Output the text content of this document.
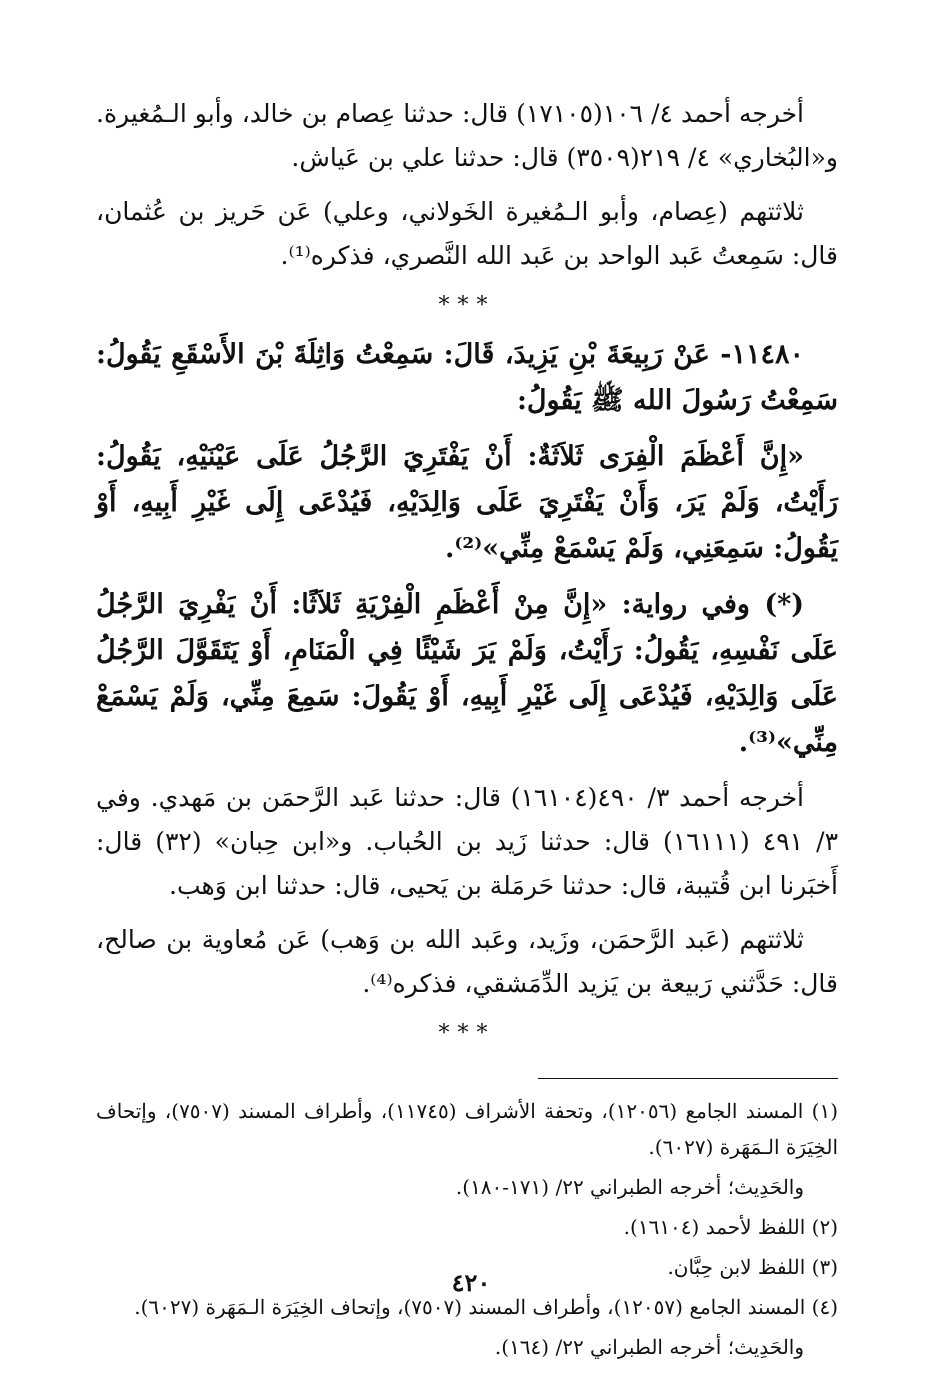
أخرجه أحمد ٤/ ١٠٦(١٧١٠٥) قال: حدثنا عِصام بن خالد، وأبو الـمُغيرة. و«البُخاري» ٤/ ٢١٩(٣٥٠٩) قال: حدثنا علي بن عَياش.

ثلاثتهم (عِصام، وأبو الـمُغيرة الخَولاني، وعلي) عَن حَريز بن عُثمان، قال: سَمِعتُ عَبد الواحد بن عَبد الله النَّصري، فذكره⁽¹⁾.

***

١١٤٨٠- عَنْ رَبِيعَةَ بْنِ يَزِيدَ، قَالَ: سَمِعْتُ وَاثِلَةَ بْنَ الأَسْقَعِ يَقُولُ: سَمِعْتُ رَسُولَ الله ﷺ يَقُولُ:

«إِنَّ أَعْظَمَ الْفِرَى ثَلاَثَةٌ: أَنْ يَفْتَرِيَ الرَّجُلُ عَلَى عَيْنَيْهِ، يَقُولُ: رَأَيْتُ، وَلَمْ يَرَ، وَأَنْ يَفْتَرِيَ عَلَى وَالِدَيْهِ، فَيُدْعَى إِلَى غَيْرِ أَبِيهِ، أَوْ يَقُولُ: سَمِعَنِي، وَلَمْ يَسْمَعْ مِنِّي»⁽²⁾.

(*) وفي رواية: «إِنَّ مِنْ أَعْظَمِ الْفِرْيَةِ ثَلاَثًا: أَنْ يَفْرِيَ الرَّجُلُ عَلَى نَفْسِهِ، يَقُولُ: رَأَيْتُ، وَلَمْ يَرَ شَيْئًا فِي الْمَنَامِ، أَوْ يَتَقَوَّلَ الرَّجُلُ عَلَى وَالِدَيْهِ، فَيُدْعَى إِلَى غَيْرِ أَبِيهِ، أَوْ يَقُولَ: سَمِعَ مِنِّي، وَلَمْ يَسْمَعْ مِنِّي»⁽³⁾.

أخرجه أحمد ٣/ ٤٩٠(١٦١٠٤) قال: حدثنا عَبد الرَّحمَن بن مَهدي. وفي ٣/ ٤٩١ (١٦١١١) قال: حدثنا زَيد بن الحُباب. و«ابن حِبان» (٣٢) قال: أَخبَرنا ابن قُتيبة، قال: حدثنا حَرمَلة بن يَحيى، قال: حدثنا ابن وَهب.

ثلاثتهم (عَبد الرَّحمَن، وزَيد، وعَبد الله بن وَهب) عَن مُعاوية بن صالح، قال: حَدَّثني رَبيعة بن يَزيد الدِّمَشقي، فذكره⁽⁴⁾.

***

(١) المسند الجامع (١٢٠٥٦)، وتحفة الأشراف (١١٧٤٥)، وأطراف المسند (٧٥٠٧)، وإتحاف الخِيَرَة الـمَهَرة (٦٠٢٧).

والحَدِيث؛ أخرجه الطبراني ٢٢/ (١٧١-١٨٠).

(٢) اللفظ لأحمد (١٦١٠٤).

(٣) اللفظ لابن حِبَّان.

(٤) المسند الجامع (١٢٠٥٧)، وأطراف المسند (٧٥٠٧)، وإتحاف الخِيَرَة الـمَهَرة (٦٠٢٧).

والحَدِيث؛ أخرجه الطبراني ٢٢/ (١٦٤).

٤٢٠
